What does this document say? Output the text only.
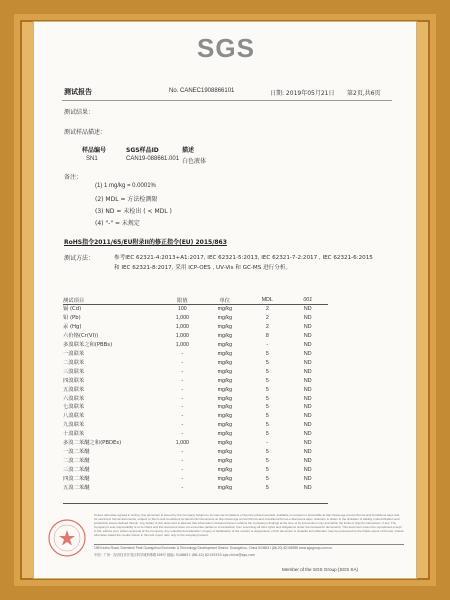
SGS
测试报告	No. CANEC1908866101	日期: 2019年05月21日 第2页,共6页
测试结果：
测试样品描述：
样品编号	SGS样品ID	描述
SN1	CAN19-088661.001 白色液体
备注：
(1) 1 mg/kg = 0.0001%
(2) MDL = 方法检测限
(3) ND = 未检出 ( < MDL )
(4) "-" = 未规定
RoHS指令2011/65/EU附录II的修正指令(EU) 2015/863
测试方法：	参考IEC 62321-4:2013+A1:2017, IEC 62321-5:2013, IEC 62321-7-2:2017 , IEC 62321-6:2015
和 IEC 62321-8:2017, 采用 ICP-OES , UV-Vis 和 GC-MS 进行分析。
测试项目	限值	单位	MDL	001
镉 (Cd)	100	mg/kg	2	ND
铅 (Pb)	1,000	mg/kg	2	ND
汞 (Hg)	1,000	mg/kg	2	ND
六价铬(Cr(VI))	1,000	mg/kg	8	ND
多溴联苯之和(PBBs)	1,000	mg/kg	-	ND
一溴联苯	-	mg/kg	5	ND
二溴联苯	-	mg/kg	5	ND
三溴联苯	-	mg/kg	5	ND
四溴联苯	-	mg/kg	5	ND
五溴联苯	-	mg/kg	5	ND
六溴联苯	-	mg/kg	5	ND
七溴联苯	-	mg/kg	5	ND
八溴联苯	-	mg/kg	5	ND
九溴联苯	-	mg/kg	5	ND
十溴联苯	-	mg/kg	5	ND
多溴二苯醚之和(PBDEs)	1,000	mg/kg	-	ND
一溴二苯醚	-	mg/kg	5	ND
二溴二苯醚	-	mg/kg	5	ND
三溴二苯醚	-	mg/kg	5	ND
四溴二苯醚	-	mg/kg	5	ND
五溴二苯醚	-	mg/kg	5	ND
Unless otherwise agreed in writing, this document is issued by the Company subject to its General Conditions of Service printed overleaf, available on request or accessible at http://www.sgs.com/en/Terms-and-Conditions.aspx and, for electronic format documents, subject to Terms and Conditions for Electronic Documents at http://www.sgs.com/en/Terms-and-Conditions/Terms-e-Document.aspx. Attention is drawn to the limitation of liability, indemnification and jurisdiction issues defined therein. Any holder of this document is advised that information contained hereon reflects the Company's findings at the time of its intervention only and within the limits of Client's instructions, if any. The Company's sole responsibility is to its Client and this document does not exonerate parties to a transaction from exercising all their rights and obligations under the transaction documents. This document cannot be reproduced except in full, without prior written approval of the Company. Any unauthorized alteration, forgery or falsification of the content or appearance of this document is unlawful and offenders may be prosecuted to the fullest extent of the law. Unless otherwise stated the results shown in this test report refer only to the sample(s) tested.
198 Kezhu Road, Scientech Park Guangzhou Economic & Technology Development District, Guangzhou, China 510663 t (86-20) 82155555 www.sgsgroup.com.cn
中国 · 广州 · 经济技术开发区科学城科珠路198号 邮编: 510663 t (86-20) 82155555 sgs.china@sgs.com
Member of the SGS Group (SGS SA)
